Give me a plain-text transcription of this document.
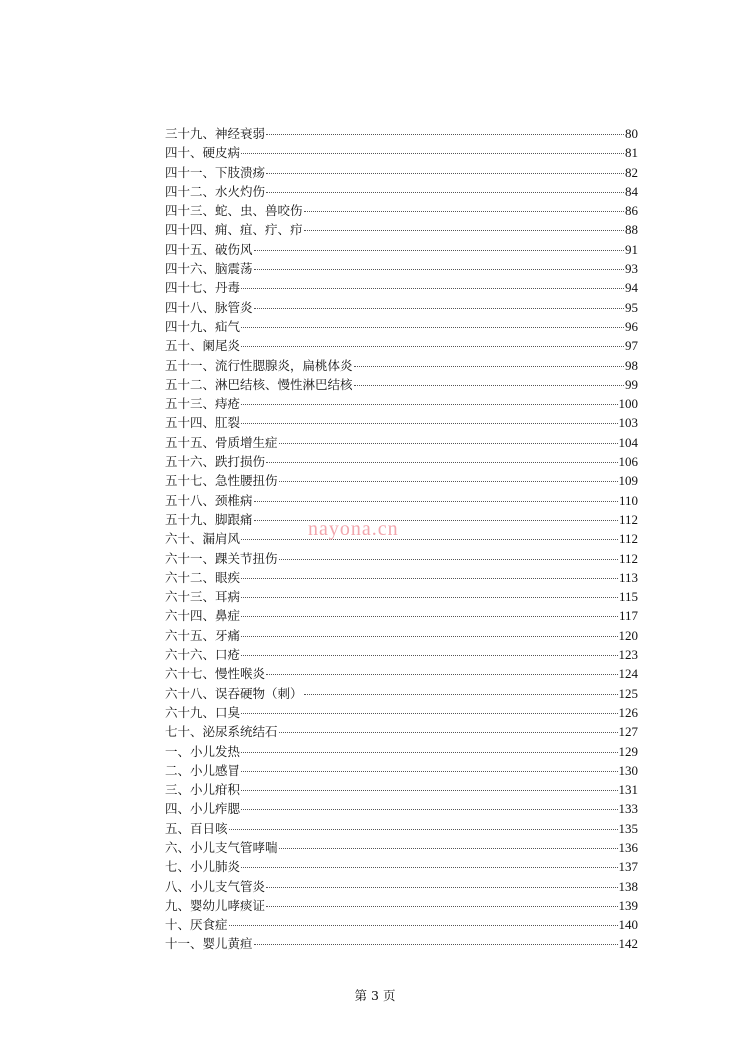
三十九、神经衰弱	80
四十、硬皮病	81
四十一、下肢溃疡	82
四十二、水火灼伤	84
四十三、蛇、虫、兽咬伤	86
四十四、痈、疽、疔、疖	88
四十五、破伤风	91
四十六、脑震荡	93
四十七、丹毒	94
四十八、脉管炎	95
四十九、疝气	96
五十、阑尾炎	97
五十一、流行性腮腺炎，扁桃体炎	98
五十二、淋巴结核、慢性淋巴结核	99
五十三、痔疮	100
五十四、肛裂	103
五十五、骨质增生症	104
五十六、跌打损伤	106
五十七、急性腰扭伤	109
五十八、颈椎病	110
五十九、脚跟痛	112
六十、漏肩风	112
六十一、踝关节扭伤	112
六十二、眼疾	113
六十三、耳病	115
六十四、鼻症	117
六十五、牙痛	120
六十六、口疮	123
六十七、慢性喉炎	124
六十八、误吞硬物（刺）	125
六十九、口臭	126
七十、泌尿系统结石	127
一、小儿发热	129
二、小儿感冒	130
三、小儿疳积	131
四、小儿痄腮	133
五、百日咳	135
六、小儿支气管哮喘	136
七、小儿肺炎	137
八、小儿支气管炎	138
九、婴幼儿哮痰证	139
十、厌食症	140
十一、婴儿黄疸	142
nayona.cn
第 3 页
